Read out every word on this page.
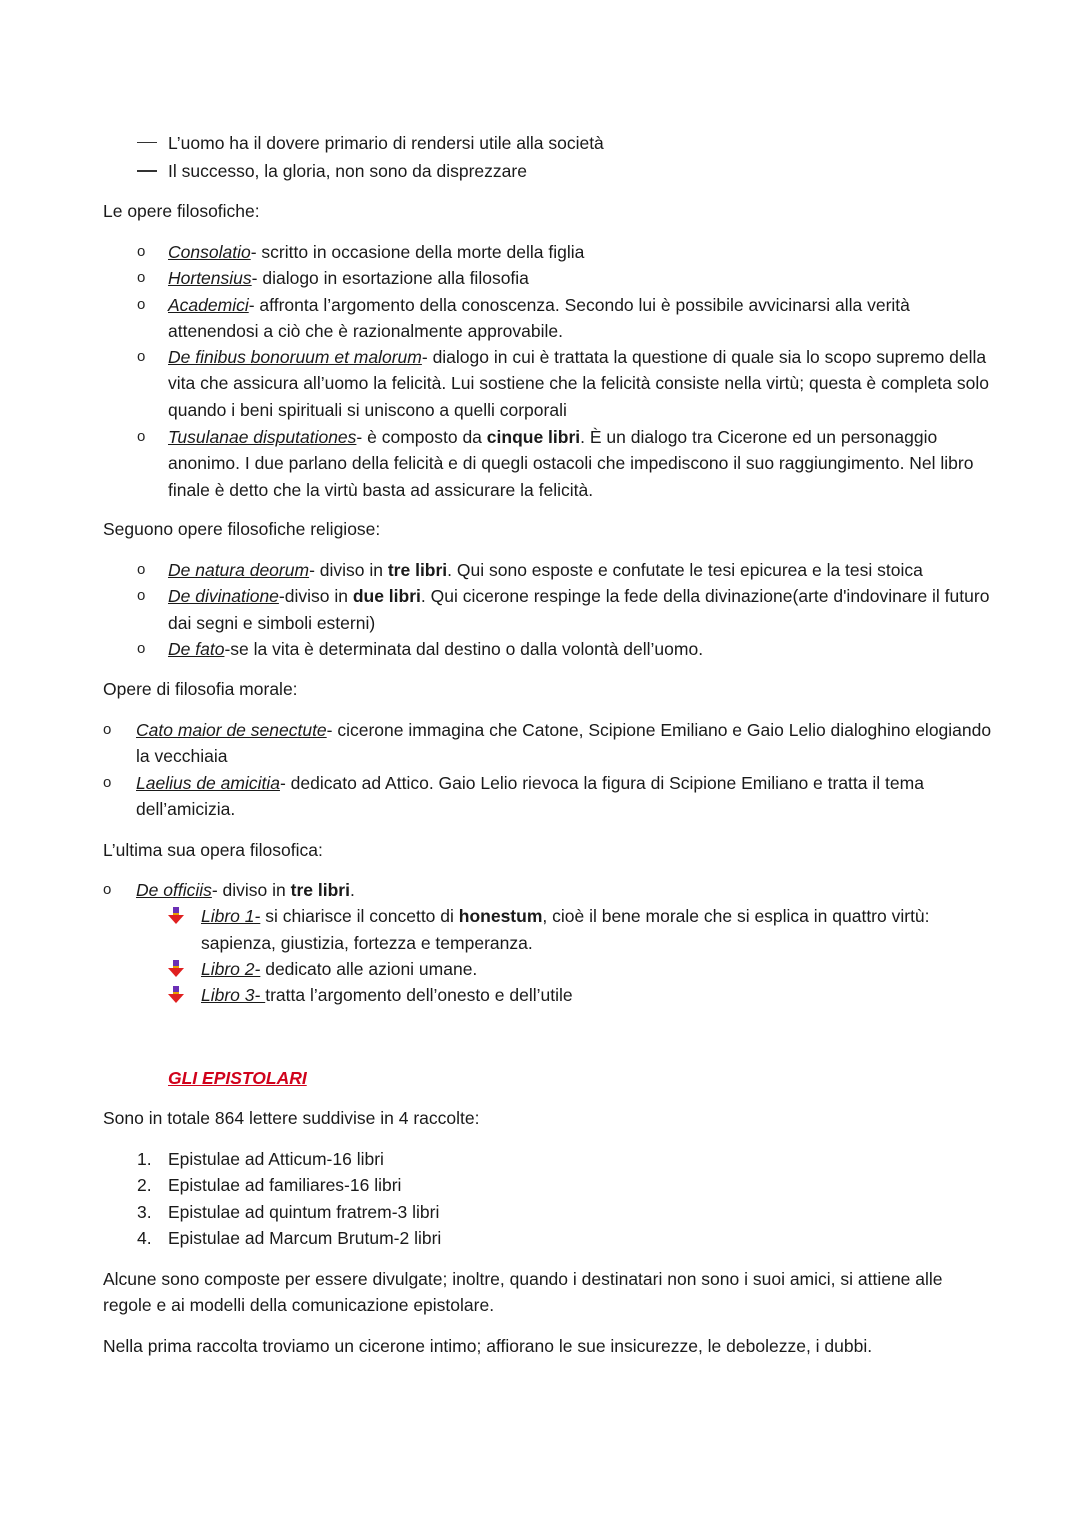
L’uomo ha il dovere primario di rendersi utile alla società
Il successo, la gloria, non sono da disprezzare

Le opere filosofiche:

o Consolatio- scritto in occasione della morte della figlia
o Hortensius- dialogo in esortazione alla filosofia
o Academici- affronta l’argomento della conoscenza. Secondo lui è possibile avvicinarsi alla verità attenendosi a ciò che è razionalmente approvabile.
o De finibus bonoruum et malorum- dialogo in cui è trattata la questione di quale sia lo scopo supremo della vita che assicura all’uomo la felicità. Lui sostiene che la felicità consiste nella virtù; questa è completa solo quando i beni spirituali si uniscono a quelli corporali
o Tusulanae disputationes- è composto da cinque libri. È un dialogo tra Cicerone ed un personaggio anonimo. I due parlano della felicità e di quegli ostacoli che impediscono il suo raggiungimento. Nel libro finale è detto che la virtù basta ad assicurare la felicità.

Seguono opere filosofiche religiose:

o De natura deorum- diviso in tre libri. Qui sono esposte e confutate le tesi epicurea e la tesi stoica
o De divinatione-diviso in due libri. Qui cicerone respinge la fede della divinazione(arte d'indovinare il futuro dai segni e simboli esterni)
o De fato-se la vita è determinata dal destino o dalla volontà dell’uomo.

Opere di filosofia morale:

o Cato maior de senectute- cicerone immagina che Catone, Scipione Emiliano e Gaio Lelio dialoghino elogiando la vecchiaia
o Laelius de amicitia- dedicato ad Attico. Gaio Lelio rievoca la figura di Scipione Emiliano e tratta il tema dell’amicizia.

L’ultima sua opera filosofica:

o De officiis- diviso in tre libri.
Libro 1- si chiarisce il concetto di honestum, cioè il bene morale che si esplica in quattro virtù: sapienza, giustizia, fortezza e temperanza.
Libro 2- dedicato alle azioni umane.
Libro 3- tratta l’argomento dell’onesto e dell’utile

GLI EPISTOLARI

Sono in totale 864 lettere suddivise in 4 raccolte:

1. Epistulae ad Atticum-16 libri
2. Epistulae ad familiares-16 libri
3. Epistulae ad quintum fratrem-3 libri
4. Epistulae ad Marcum Brutum-2 libri

Alcune sono composte per essere divulgate; inoltre, quando i destinatari non sono i suoi amici, si attiene alle regole e ai modelli della comunicazione epistolare.

Nella prima raccolta troviamo un cicerone intimo; affiorano le sue insicurezze, le debolezze, i dubbi.
